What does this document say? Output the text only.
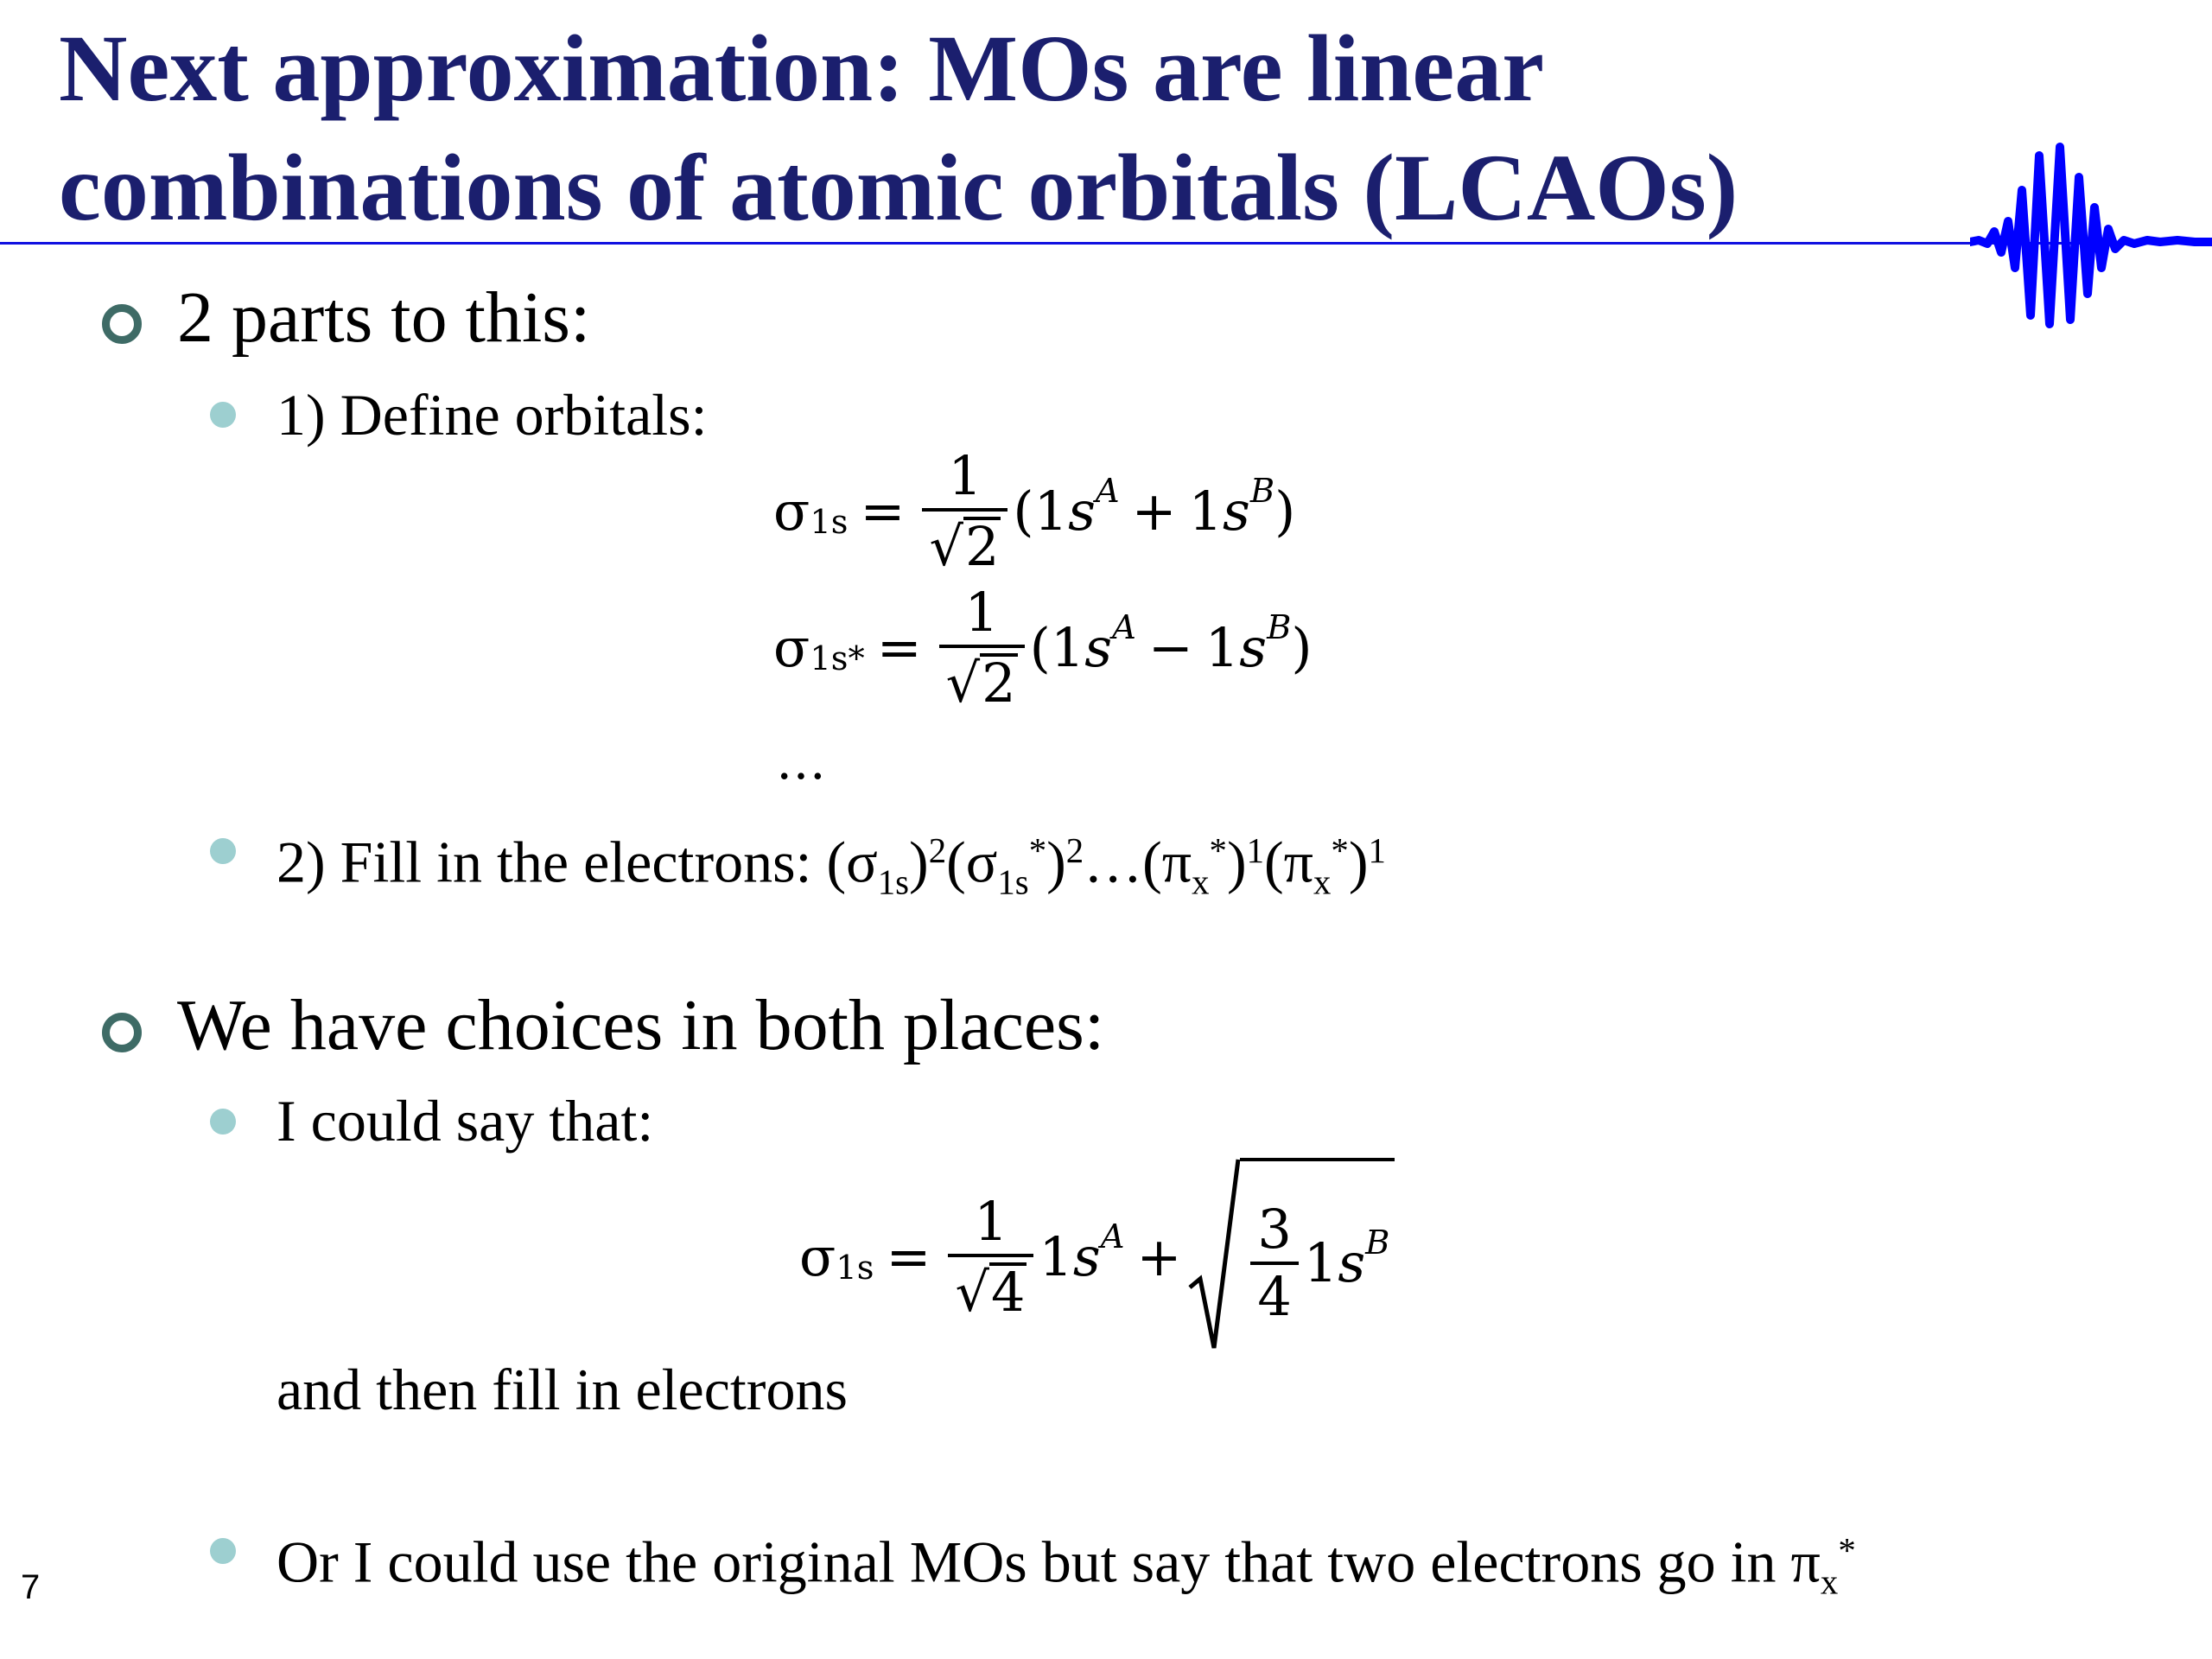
Next approximation: MOs are linear
combinations of atomic orbitals (LCAOs)
2 parts to this:
1) Define orbitals:
σ $1s = \frac{1}{√ 2} (1$ s A + 1 s B )
σ $1s* = \frac{1}{√ 2} (1$ s A − 1 s B )
…
2) Fill in the electrons: $(\sigma_{1s})^2(\sigma_{1s}^*)^2\dots(\pi_x^*)^1(\pi_x^*)^1$
We have choices in both places:
I could say that:
σ $1s = \frac{1}{√ 4} 1$ s $A + \frac{3}{4} 1$ s B
and then fill in electrons
Or I could use the original MOs but say that two electrons go in $\pi_x^*$
7
